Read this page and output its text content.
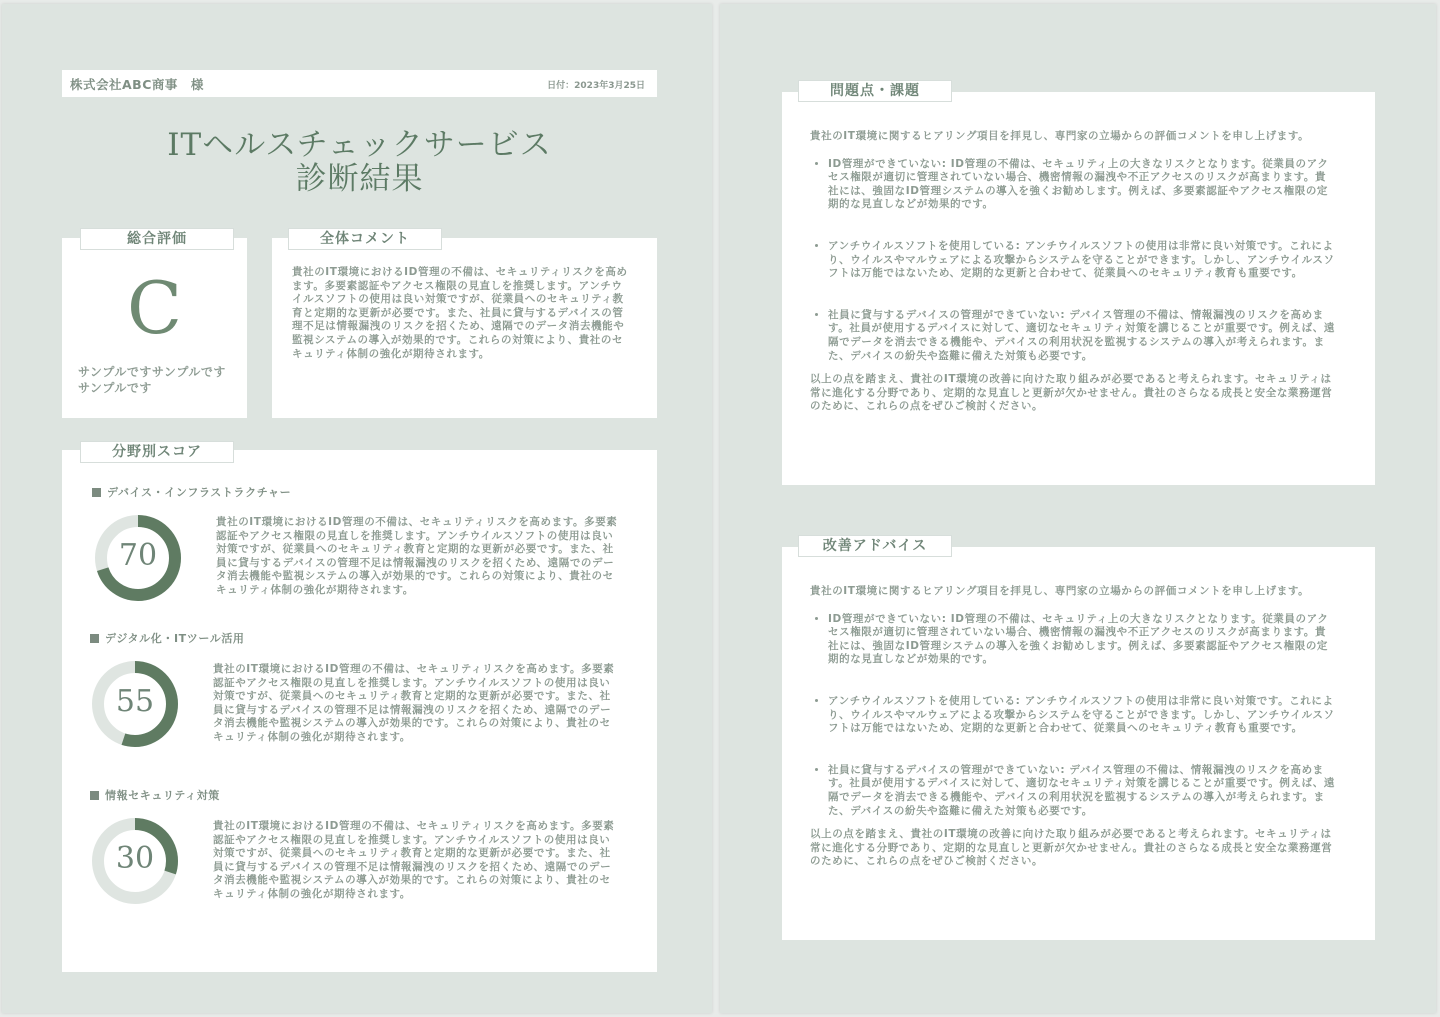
株式会社ABC商事　様	日付：2023年3月25日
ITヘルスチェックサービス
診断結果
総合評価
C
サンプルですサンプルですサンプルです
全体コメント
貴社のIT環境におけるID管理の不備は、セキュリティリスクを高めます。多要素認証やアクセス権限の見直しを推奨します。アンチウイルスソフトの使用は良い対策ですが、従業員へのセキュリティ教育と定期的な更新が必要です。また、社員に貸与するデバイスの管理不足は情報漏洩のリスクを招くため、遠隔でのデータ消去機能や監視システムの導入が効果的です。これらの対策により、貴社のセキュリティ体制の強化が期待されます。
分野別スコア
デバイス・インフラストラクチャー
70
貴社のIT環境におけるID管理の不備は、セキュリティリスクを高めます。多要素認証やアクセス権限の見直しを推奨します。アンチウイルスソフトの使用は良い対策ですが、従業員へのセキュリティ教育と定期的な更新が必要です。また、社員に貸与するデバイスの管理不足は情報漏洩のリスクを招くため、遠隔でのデータ消去機能や監視システムの導入が効果的です。これらの対策により、貴社のセキュリティ体制の強化が期待されます。
デジタル化・ITツール活用
55
貴社のIT環境におけるID管理の不備は、セキュリティリスクを高めます。多要素認証やアクセス権限の見直しを推奨します。アンチウイルスソフトの使用は良い対策ですが、従業員へのセキュリティ教育と定期的な更新が必要です。また、社員に貸与するデバイスの管理不足は情報漏洩のリスクを招くため、遠隔でのデータ消去機能や監視システムの導入が効果的です。これらの対策により、貴社のセキュリティ体制の強化が期待されます。
情報セキュリティ対策
30
貴社のIT環境におけるID管理の不備は、セキュリティリスクを高めます。多要素認証やアクセス権限の見直しを推奨します。アンチウイルスソフトの使用は良い対策ですが、従業員へのセキュリティ教育と定期的な更新が必要です。また、社員に貸与するデバイスの管理不足は情報漏洩のリスクを招くため、遠隔でのデータ消去機能や監視システムの導入が効果的です。これらの対策により、貴社のセキュリティ体制の強化が期待されます。
問題点・課題

貴社のIT環境に関するヒアリング項目を拝見し、専門家の立場からの評価コメントを申し上げます。

• ID管理ができていない: ID管理の不備は、セキュリティ上の大きなリスクとなります。従業員のアクセス権限が適切に管理されていない場合、機密情報の漏洩や不正アクセスのリスクが高まります。貴社には、強固なID管理システムの導入を強くお勧めします。例えば、多要素認証やアクセス権限の定期的な見直しなどが効果的です。
• アンチウイルスソフトを使用している: アンチウイルスソフトの使用は非常に良い対策です。これにより、ウイルスやマルウェアによる攻撃からシステムを守ることができます。しかし、アンチウイルスソフトは万能ではないため、定期的な更新と合わせて、従業員へのセキュリティ教育も重要です。
• 社員に貸与するデバイスの管理ができていない: デバイス管理の不備は、情報漏洩のリスクを高めます。社員が使用するデバイスに対して、適切なセキュリティ対策を講じることが重要です。例えば、遠隔でデータを消去できる機能や、デバイスの利用状況を監視するシステムの導入が考えられます。また、デバイスの紛失や盗難に備えた対策も必要です。

以上の点を踏まえ、貴社のIT環境の改善に向けた取り組みが必要であると考えられます。セキュリティは常に進化する分野であり、定期的な見直しと更新が欠かせません。貴社のさらなる成長と安全な業務運営のために、これらの点をぜひご検討ください。

改善アドバイス

貴社のIT環境に関するヒアリング項目を拝見し、専門家の立場からの評価コメントを申し上げます。

• ID管理ができていない: ID管理の不備は、セキュリティ上の大きなリスクとなります。従業員のアクセス権限が適切に管理されていない場合、機密情報の漏洩や不正アクセスのリスクが高まります。貴社には、強固なID管理システムの導入を強くお勧めします。例えば、多要素認証やアクセス権限の定期的な見直しなどが効果的です。
• アンチウイルスソフトを使用している: アンチウイルスソフトの使用は非常に良い対策です。これにより、ウイルスやマルウェアによる攻撃からシステムを守ることができます。しかし、アンチウイルスソフトは万能ではないため、定期的な更新と合わせて、従業員へのセキュリティ教育も重要です。
• 社員に貸与するデバイスの管理ができていない: デバイス管理の不備は、情報漏洩のリスクを高めます。社員が使用するデバイスに対して、適切なセキュリティ対策を講じることが重要です。例えば、遠隔でデータを消去できる機能や、デバイスの利用状況を監視するシステムの導入が考えられます。また、デバイスの紛失や盗難に備えた対策も必要です。

以上の点を踏まえ、貴社のIT環境の改善に向けた取り組みが必要であると考えられます。セキュリティは常に進化する分野であり、定期的な見直しと更新が欠かせません。貴社のさらなる成長と安全な業務運営のために、これらの点をぜひご検討ください。
